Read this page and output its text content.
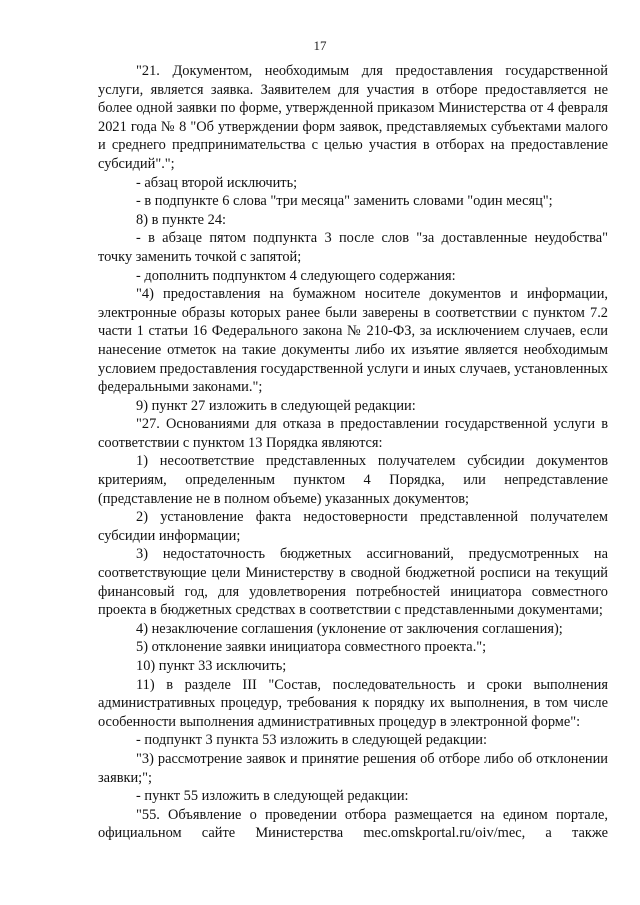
17

"21. Документом, необходимым для предоставления государственной услуги, является заявка. Заявителем для участия в отборе предоставляется не более одной заявки по форме, утвержденной приказом Министерства от 4 февраля 2021 года № 8 "Об утверждении форм заявок, представляемых субъектами малого и среднего предпринимательства с целью участия в отборах на предоставление субсидий".";

- абзац второй исключить;

- в подпункте 6 слова "три месяца" заменить словами "один месяц";

8) в пункте 24:

- в абзаце пятом подпункта 3 после слов "за доставленные неудобства" точку заменить точкой с запятой;

- дополнить подпунктом 4 следующего содержания:

"4) предоставления на бумажном носителе документов и информации, электронные образы которых ранее были заверены в соответствии с пунктом 7.2 части 1 статьи 16 Федерального закона № 210-ФЗ, за исключением случаев, если нанесение отметок на такие документы либо их изъятие является необходимым условием предоставления государственной услуги и иных случаев, установленных федеральными законами.";

9) пункт 27 изложить в следующей редакции:

"27. Основаниями для отказа в предоставлении государственной услуги в соответствии с пунктом 13 Порядка являются:

1) несоответствие представленных получателем субсидии документов критериям, определенным пунктом 4 Порядка, или непредставление (представление не в полном объеме) указанных документов;

2) установление факта недостоверности представленной получателем субсидии информации;

3) недостаточность бюджетных ассигнований, предусмотренных на соответствующие цели Министерству в сводной бюджетной росписи на текущий финансовый год, для удовлетворения потребностей инициатора совместного проекта в бюджетных средствах в соответствии с представленными документами;

4) незаключение соглашения (уклонение от заключения соглашения);

5) отклонение заявки инициатора совместного проекта.";

10) пункт 33 исключить;

11) в разделе III "Состав, последовательность и сроки выполнения административных процедур, требования к порядку их выполнения, в том числе особенности выполнения административных процедур в электронной форме":

- подпункт 3 пункта 53 изложить в следующей редакции:

"3) рассмотрение заявок и принятие решения об отборе либо об отклонении заявки;";

- пункт 55 изложить в следующей редакции:

"55. Объявление о проведении отбора размещается на едином портале, официальном сайте Министерства mec.omskportal.ru/oiv/mec, а также
